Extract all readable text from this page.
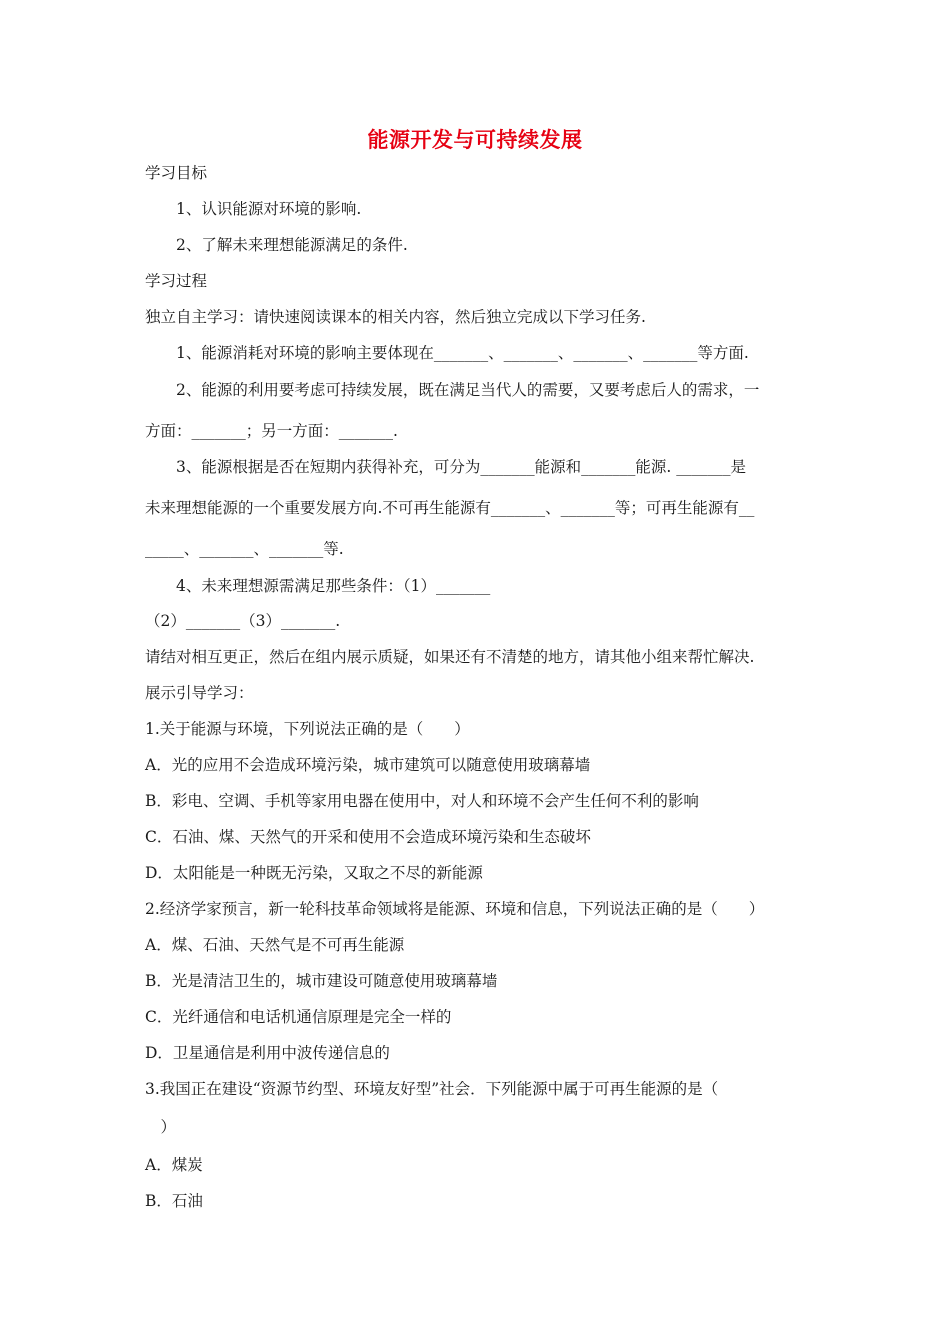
能源开发与可持续发展
学习目标
1、认识能源对环境的影响.
2、了解未来理想能源满足的条件.
学习过程
独立自主学习：请快速阅读课本的相关内容，然后独立完成以下学习任务.
1、能源消耗对环境的影响主要体现在_______、_______、_______、_______等方面.
2、能源的利用要考虑可持续发展，既在满足当代人的需要，又要考虑后人的需求，一
方面：_______；另一方面：_______.
3、能源根据是否在短期内获得补充，可分为_______能源和_______能源. _______是
未来理想能源的一个重要发展方向.不可再生能源有_______、_______等；可再生能源有__
_____、_______、_______等.
4、未来理想源需满足那些条件：（1）_______
（2）_______（3）_______.
请结对相互更正，然后在组内展示质疑，如果还有不清楚的地方，请其他小组来帮忙解决.
展示引导学习：
1.关于能源与环境，下列说法正确的是（　　）
A．光的应用不会造成环境污染，城市建筑可以随意使用玻璃幕墙
B．彩电、空调、手机等家用电器在使用中，对人和环境不会产生任何不利的影响
C．石油、煤、天然气的开采和使用不会造成环境污染和生态破坏
D．太阳能是一种既无污染，又取之不尽的新能源
2.经济学家预言，新一轮科技革命领域将是能源、环境和信息，下列说法正确的是（　　）
A．煤、石油、天然气是不可再生能源
B．光是清洁卫生的，城市建设可随意使用玻璃幕墙
C．光纤通信和电话机通信原理是完全一样的
D．卫星通信是利用中波传递信息的
3.我国正在建设“资源节约型、环境友好型”社会．下列能源中属于可再生能源的是（
　）
A．煤炭
B．石油
